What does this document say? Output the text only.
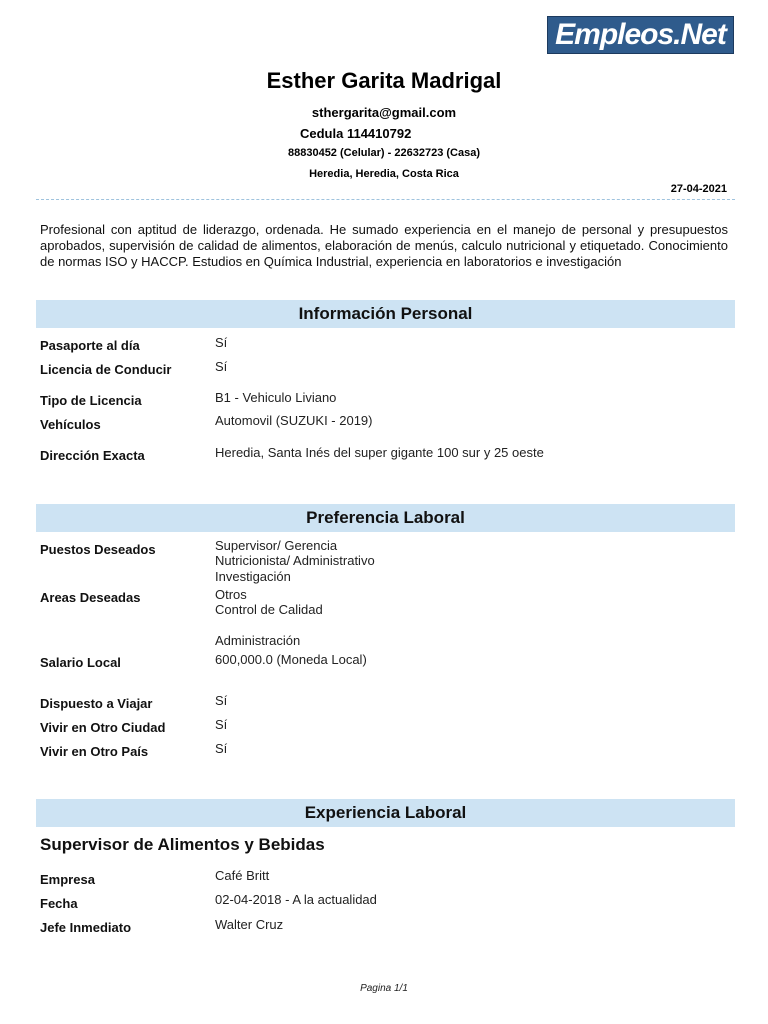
Empleos.Net
Esther Garita Madrigal
sthergarita@gmail.com
Cedula 114410792
88830452 (Celular) - 22632723 (Casa)
Heredia, Heredia, Costa Rica
27-04-2021
Profesional con aptitud de liderazgo, ordenada. He sumado experiencia en el manejo de personal y presupuestos aprobados, supervisión de calidad de alimentos, elaboración de menús, calculo nutricional y etiquetado. Conocimiento de normas ISO y HACCP. Estudios en Química Industrial, experiencia en laboratorios e investigación
Información Personal
Pasaporte al día	Sí
Licencia de Conducir	Sí
Tipo de Licencia	B1 - Vehiculo Liviano
Vehículos	Automovil (SUZUKI - 2019)
Dirección Exacta	Heredia, Santa Inés del super gigante 100 sur y 25 oeste
Preferencia Laboral
Puestos Deseados	Supervisor/ Gerencia
Nutricionista/ Administrativo
Investigación
Areas Deseadas	Otros
Control de Calidad
Administración
Salario Local	600,000.0 (Moneda Local)
Dispuesto a Viajar	Sí
Vivir en Otro Ciudad	Sí
Vivir en Otro País	Sí
Experiencia Laboral
Supervisor de Alimentos y Bebidas
Empresa	Café Britt
Fecha	02-04-2018 - A la actualidad
Jefe Inmediato	Walter Cruz
Pagina 1/1
